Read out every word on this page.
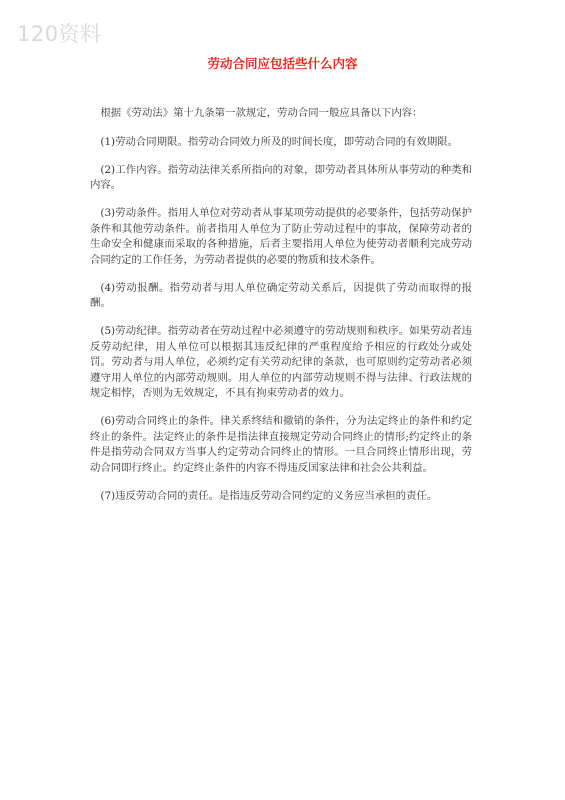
120资料
劳动合同应包括些什么内容

根据《劳动法》第十九条第一款规定，劳动合同一般应具备以下内容：

(1)劳动合同期限。指劳动合同效力所及的时间长度，即劳动合同的有效期限。

(2)工作内容。指劳动法律关系所指向的对象，即劳动者具体所从事劳动的种类和内容。

(3)劳动条件。指用人单位对劳动者从事某项劳动提供的必要条件，包括劳动保护条件和其他劳动条件。前者指用人单位为了防止劳动过程中的事故，保障劳动者的生命安全和健康而采取的各种措施，后者主要指用人单位为使劳动者顺利完成劳动合同约定的工作任务，为劳动者提供的必要的物质和技术条件。

(4)劳动报酬。指劳动者与用人单位确定劳动关系后，因提供了劳动而取得的报酬。

(5)劳动纪律。指劳动者在劳动过程中必须遵守的劳动规则和秩序。如果劳动者违反劳动纪律，用人单位可以根据其违反纪律的严重程度给予相应的行政处分或处罚。劳动者与用人单位，必须约定有关劳动纪律的条款，也可原则约定劳动者必须遵守用人单位的内部劳动规则。用人单位的内部劳动规则不得与法律、行政法规的规定相悖，否则为无效规定，不具有拘束劳动者的效力。

(6)劳动合同终止的条件。律关系终结和撤销的条件，分为法定终止的条件和约定终止的条件。法定终止的条件是指法律直接规定劳动合同终止的情形;约定终止的条件是指劳动合同双方当事人约定劳动合同终止的情形。一旦合同终止情形出现，劳动合同即行终止。约定终止条件的内容不得违反国家法律和社会公共利益。

(7)违反劳动合同的责任。是指违反劳动合同约定的义务应当承担的责任。
